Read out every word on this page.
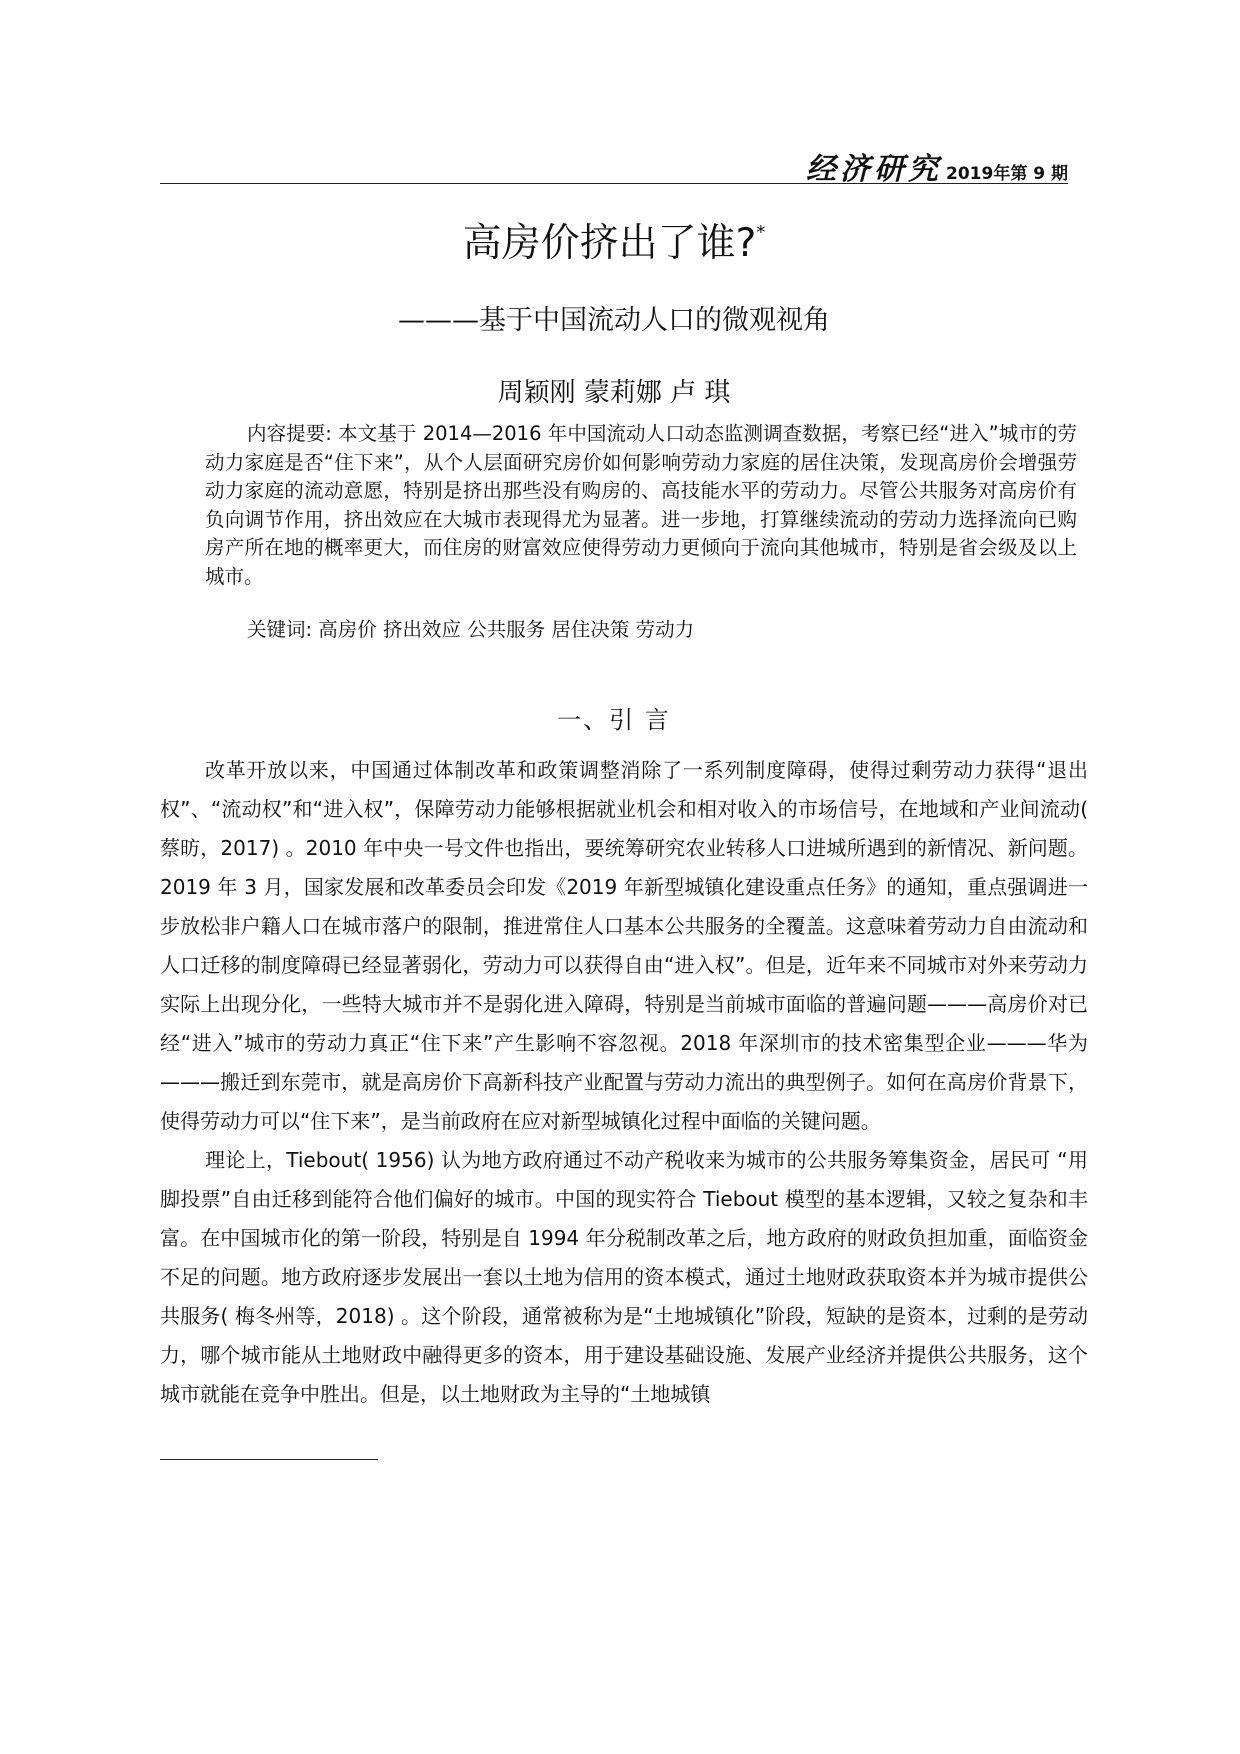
经济研究 2019年第 9 期
高房价挤出了谁?*
———基于中国流动人口的微观视角
周颖刚 蒙莉娜 卢 琪

内容提要: 本文基于 2014—2016 年中国流动人口动态监测调查数据，考察已经“进入”城市的劳动力家庭是否“住下来”，从个人层面研究房价如何影响劳动力家庭的居住决策，发现高房价会增强劳动力家庭的流动意愿，特别是挤出那些没有购房的、高技能水平的劳动力。尽管公共服务对高房价有负向调节作用，挤出效应在大城市表现得尤为显著。进一步地，打算继续流动的劳动力选择流向已购房产所在地的概率更大，而住房的财富效应使得劳动力更倾向于流向其他城市，特别是省会级及以上城市。

关键词: 高房价 挤出效应 公共服务 居住决策 劳动力
一、引 言

改革开放以来，中国通过体制改革和政策调整消除了一系列制度障碍，使得过剩劳动力获得“退出权”、“流动权”和“进入权”，保障劳动力能够根据就业机会和相对收入的市场信号，在地域和产业间流动( 蔡昉，2017) 。2010 年中央一号文件也指出，要统筹研究农业转移人口进城所遇到的新情况、新问题。2019 年 3 月，国家发展和改革委员会印发《2019 年新型城镇化建设重点任务》的通知，重点强调进一步放松非户籍人口在城市落户的限制，推进常住人口基本公共服务的全覆盖。这意味着劳动力自由流动和人口迁移的制度障碍已经显著弱化，劳动力可以获得自由“进入权”。但是，近年来不同城市对外来劳动力实际上出现分化，一些特大城市并不是弱化进入障碍，特别是当前城市面临的普遍问题———高房价对已经“进入”城市的劳动力真正“住下来”产生影响不容忽视。2018 年深圳市的技术密集型企业———华为———搬迁到东莞市，就是高房价下高新科技产业配置与劳动力流出的典型例子。如何在高房价背景下，使得劳动力可以“住下来”，是当前政府在应对新型城镇化过程中面临的关键问题。

理论上，Tiebout( 1956) 认为地方政府通过不动产税收来为城市的公共服务筹集资金，居民可 “用脚投票”自由迁移到能符合他们偏好的城市。中国的现实符合 Tiebout 模型的基本逻辑，又较之复杂和丰富。在中国城市化的第一阶段，特别是自 1994 年分税制改革之后，地方政府的财政负担加重，面临资金不足的问题。地方政府逐步发展出一套以土地为信用的资本模式，通过土地财政获取资本并为城市提供公共服务( 梅冬州等，2018) 。这个阶段，通常被称为是“土地城镇化”阶段，短缺的是资本，过剩的是劳动力，哪个城市能从土地财政中融得更多的资本，用于建设基础设施、发展产业经济并提供公共服务，这个城市就能在竞争中胜出。但是，以土地财政为主导的“土地城镇
